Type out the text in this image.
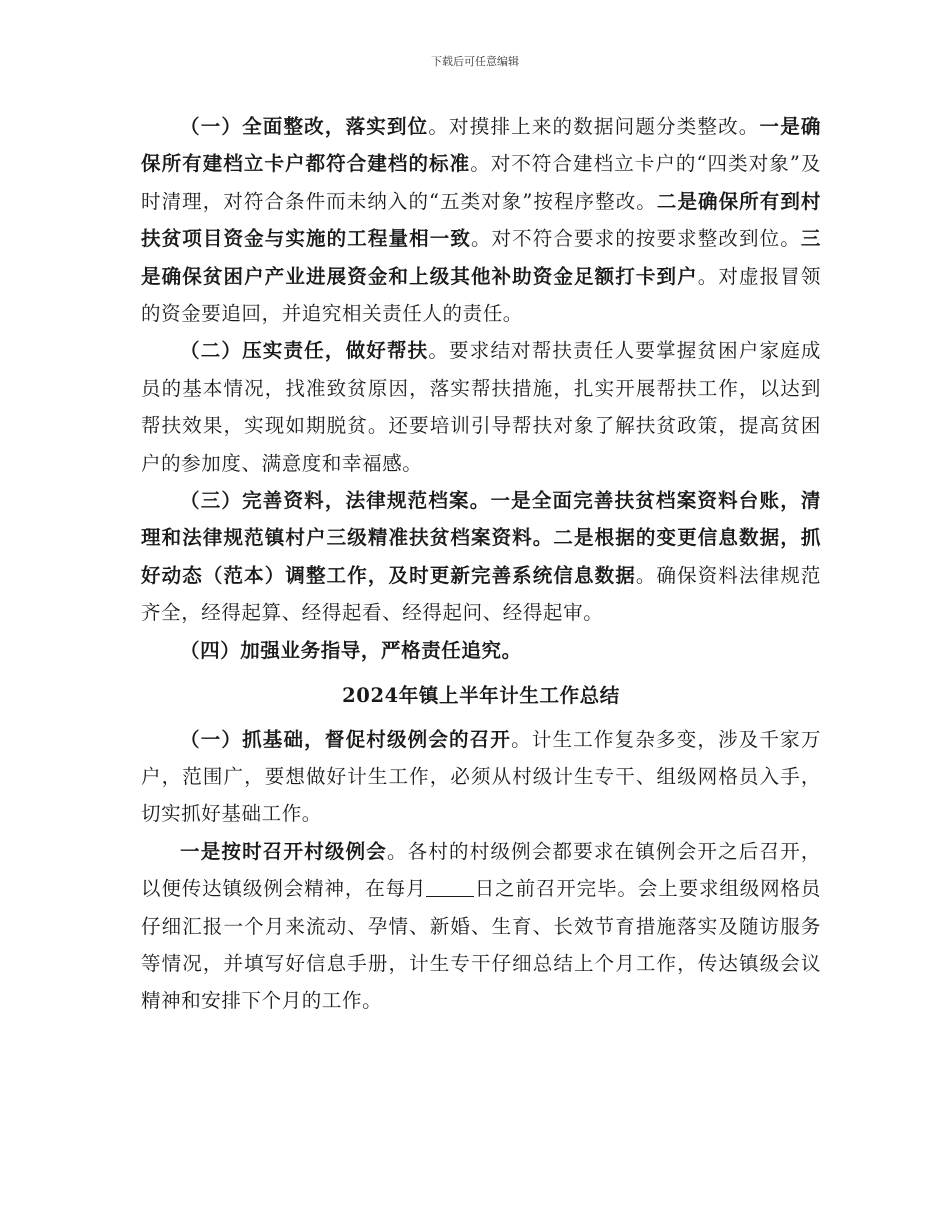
下载后可任意编辑

（一）全面整改，落实到位。对摸排上来的数据问题分类整改。一是确保所有建档立卡户都符合建档的标准。对不符合建档立卡户的“四类对象”及时清理，对符合条件而未纳入的“五类对象”按程序整改。二是确保所有到村扶贫项目资金与实施的工程量相一致。对不符合要求的按要求整改到位。三是确保贫困户产业进展资金和上级其他补助资金足额打卡到户。对虚报冒领的资金要追回，并追究相关责任人的责任。

（二）压实责任，做好帮扶。要求结对帮扶责任人要掌握贫困户家庭成员的基本情况，找准致贫原因，落实帮扶措施，扎实开展帮扶工作，以达到帮扶效果，实现如期脱贫。还要培训引导帮扶对象了解扶贫政策，提高贫困户的参加度、满意度和幸福感。

（三）完善资料，法律规范档案。一是全面完善扶贫档案资料台账，清理和法律规范镇村户三级精准扶贫档案资料。二是根据的变更信息数据，抓好动态（范本）调整工作，及时更新完善系统信息数据。确保资料法律规范齐全，经得起算、经得起看、经得起问、经得起审。

（四）加强业务指导，严格责任追究。

2024年镇上半年计生工作总结

（一）抓基础，督促村级例会的召开。计生工作复杂多变，涉及千家万户，范围广，要想做好计生工作，必须从村级计生专干、组级网格员入手，切实抓好基础工作。

一是按时召开村级例会。各村的村级例会都要求在镇例会开之后召开，以便传达镇级例会精神，在每月 日之前召开完毕。会上要求组级网格员仔细汇报一个月来流动、孕情、新婚、生育、长效节育措施落实及随访服务等情况，并填写好信息手册，计生专干仔细总结上个月工作，传达镇级会议精神和安排下个月的工作。
